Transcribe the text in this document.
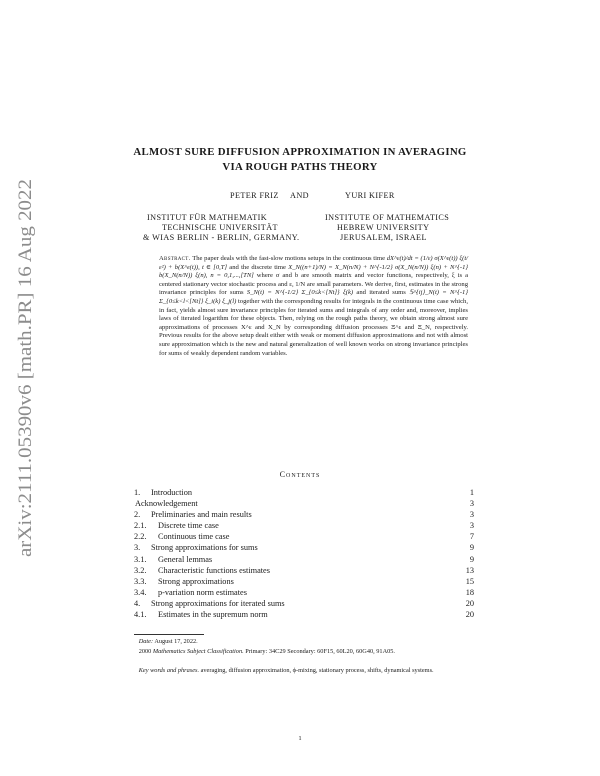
arXiv:2111.05390v6 [math.PR] 16 Aug 2022
ALMOST SURE DIFFUSION APPROXIMATION IN AVERAGING
VIA ROUGH PATHS THEORY
PETER FRIZ AND	YURI KIFER
INSTITUT FÜR MATHEMATIK
TECHNISCHE UNIVERSITÄT
& WIAS BERLIN - BERLIN, GERMANY.
INSTITUTE OF MATHEMATICS
HEBREW UNIVERSITY
JERUSALEM, ISRAEL

Abstract. The paper deals with the fast-slow motions setups in the continuous time dX^ε(t)/dt = (1/ε) σ(X^ε(t)) ξ(t/ε²) + b(X^ε(t)), t ∈ [0,T] and the discrete time X_N((n+1)/N) = X_N(n/N) + N^{-1/2} σ(X_N(n/N)) ξ(n) + N^{-1} b(X_N(n/N)) ξ(n), n = 0,1,...,[TN] where σ and b are smooth matrix and vector functions, respectively, ξ is a centered stationary vector stochastic process and ε, 1/N are small parameters. We derive, first, estimates in the strong invariance principles for sums S_N(t) = N^{-1/2} Σ_{0≤k<[Nt]} ξ(k) and iterated sums 𝕊^{ij}_N(t) = N^{-1} Σ_{0≤k<l<[Nt]} ξ_i(k) ξ_j(l) together with the corresponding results for integrals in the continuous time case which, in fact, yields almost sure invariance principles for iterated sums and integrals of any order and, moreover, implies laws of iterated logarithm for these objects. Then, relying on the rough paths theory, we obtain strong almost sure approximations of processes X^ε and X_N by corresponding diffusion processes Ξ^ε and Ξ_N, respectively. Previous results for the above setup dealt either with weak or moment diffusion approximations and not with almost sure approximation which is the new and natural generalization of well known works on strong invariance principles for sums of weakly dependent random variables.

Contents
1. Introduction	1
Acknowledgement	3
2. Preliminaries and main results	3
2.1. Discrete time case	3
2.2. Continuous time case	7
3. Strong approximations for sums	9
3.1. General lemmas	9
3.2. Characteristic functions estimates	13
3.3. Strong approximations	15
3.4. p-variation norm estimates	18
4. Strong approximations for iterated sums	20
4.1. Estimates in the supremum norm	20

Date: August 17, 2022.

2000 Mathematics Subject Classification. Primary: 34C29 Secondary: 60F15, 60L20, 60G40, 91A05.

Key words and phrases. averaging, diffusion approximation, ϕ-mixing, stationary process, shifts, dynamical systems.

1
